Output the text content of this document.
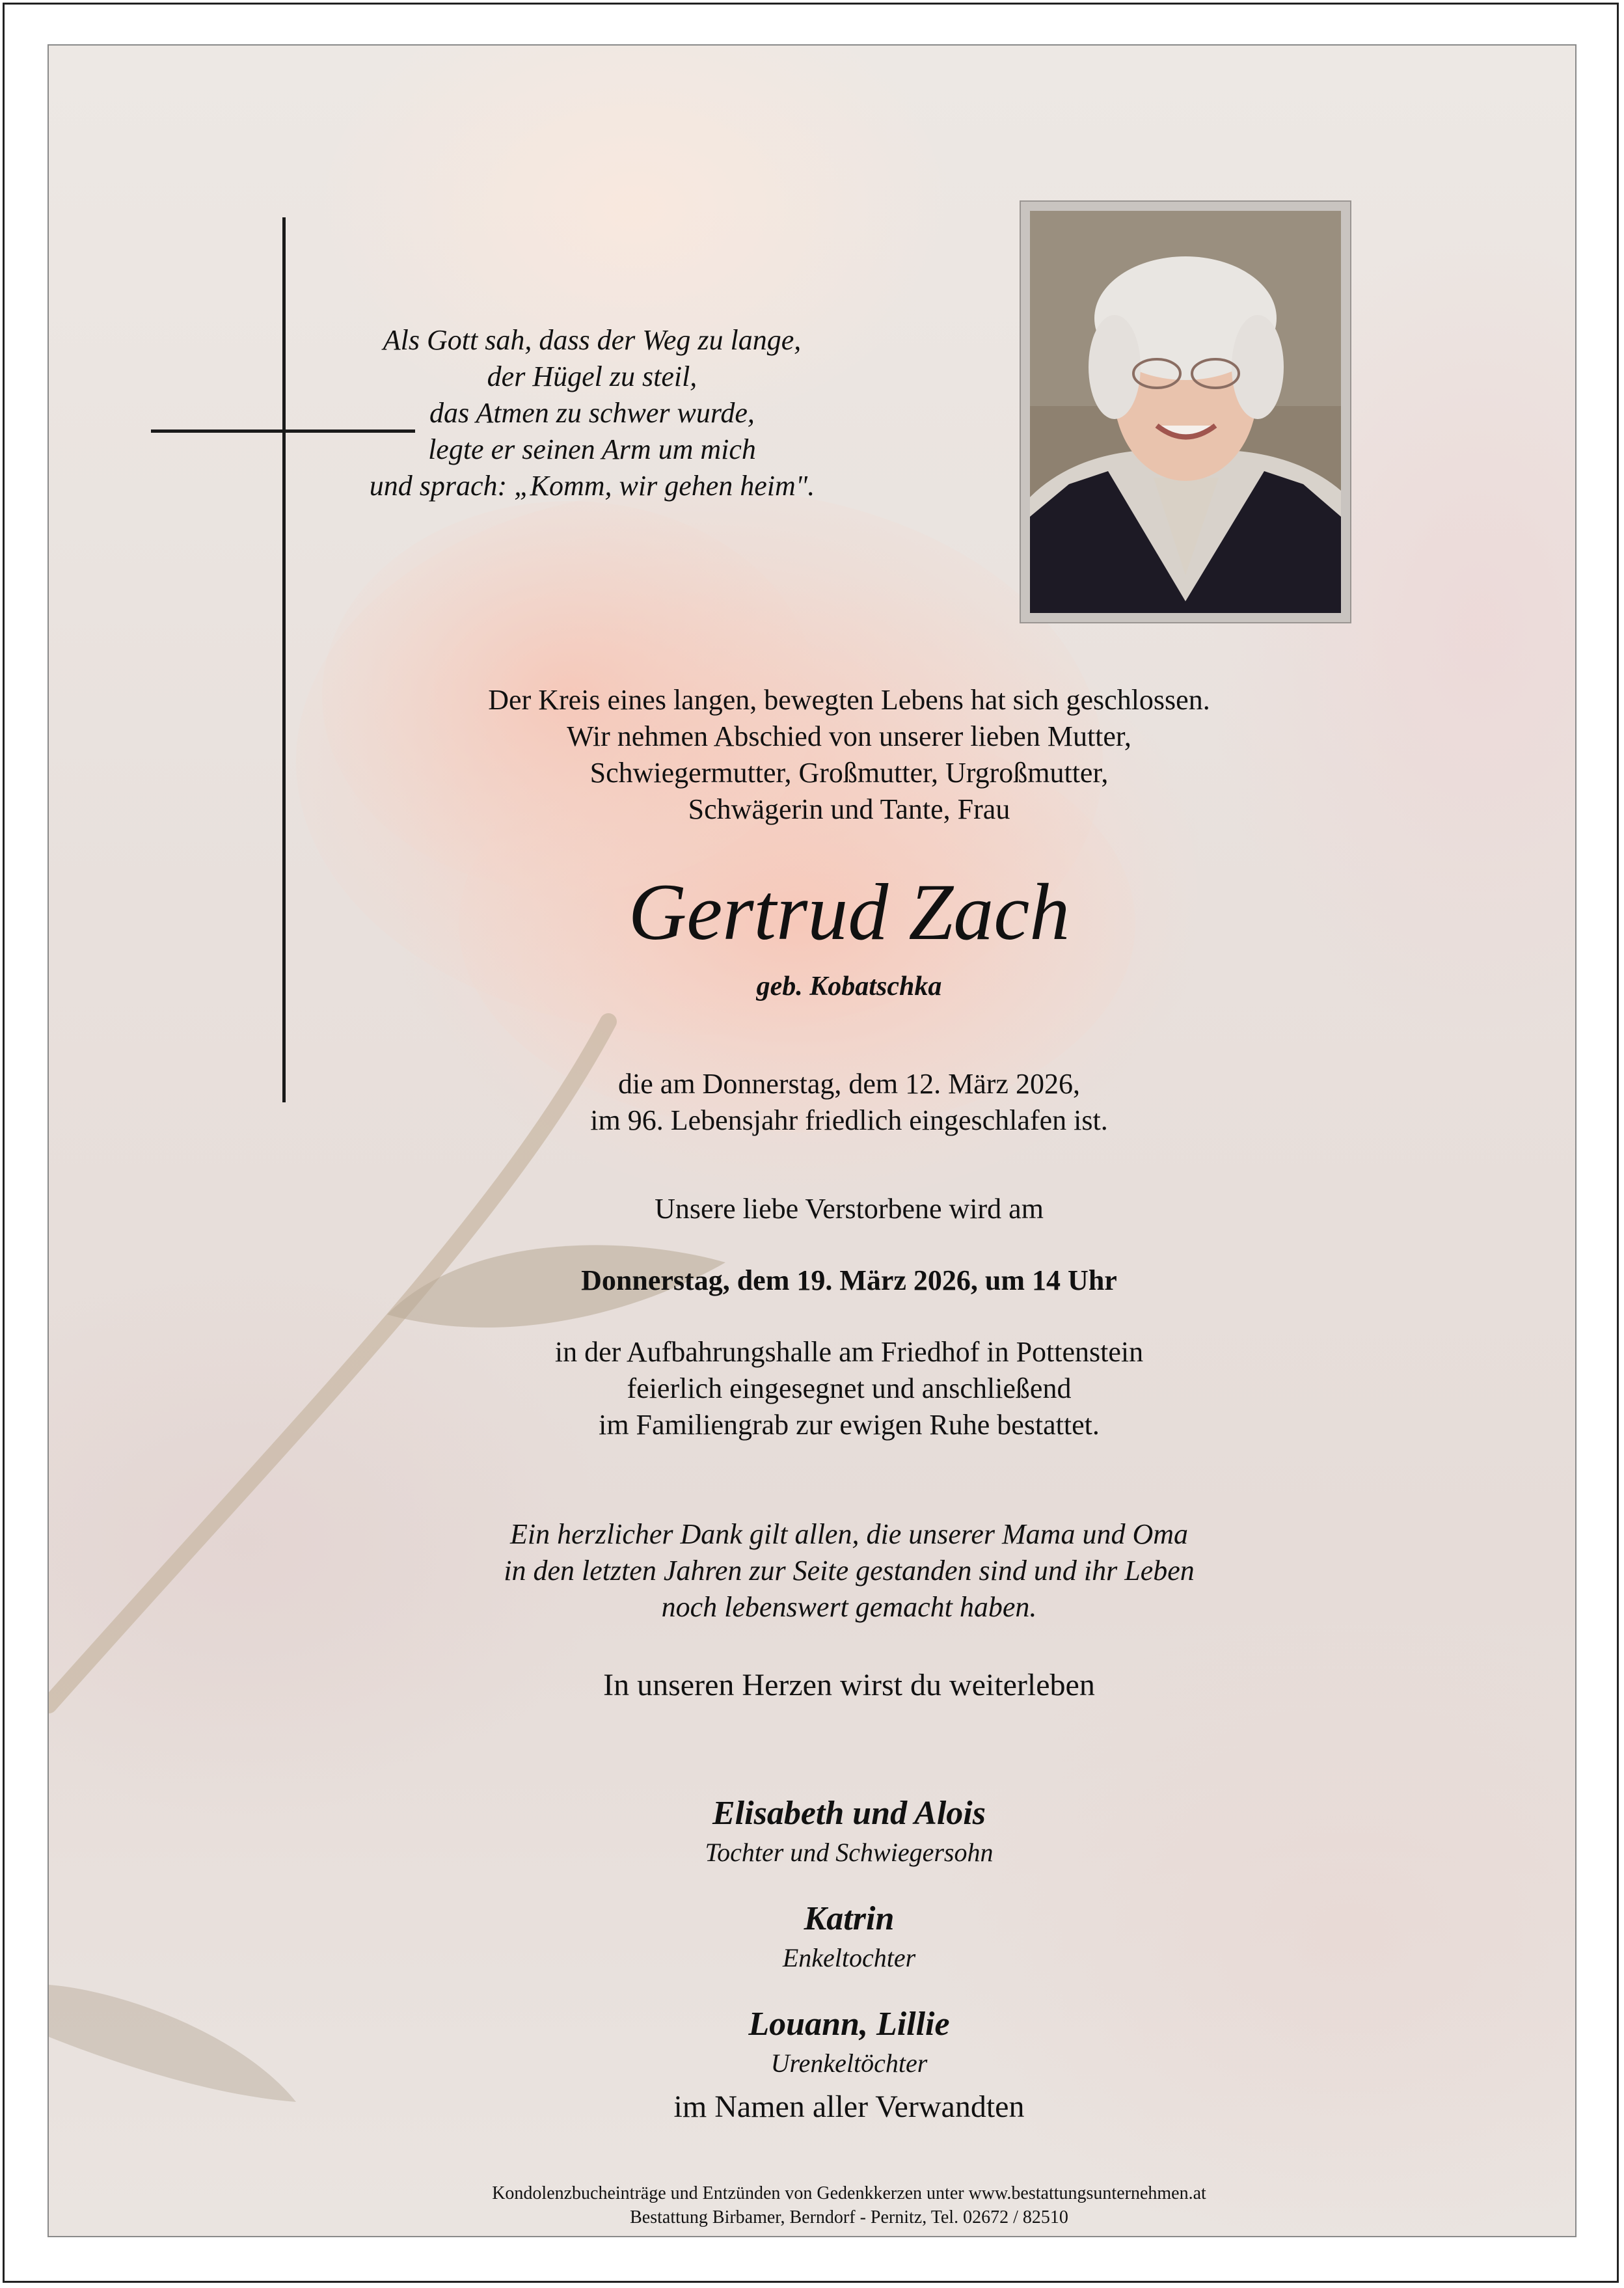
Als Gott sah, dass der Weg zu lange,
der Hügel zu steil,
das Atmen zu schwer wurde,
legte er seinen Arm um mich
und sprach: „Komm, wir gehen heim".

Der Kreis eines langen, bewegten Lebens hat sich geschlossen.
Wir nehmen Abschied von unserer lieben Mutter,
Schwiegermutter, Großmutter, Urgroßmutter,
Schwägerin und Tante, Frau

Gertrud Zach

geb. Kobatschka

die am Donnerstag, dem 12. März 2026,
im 96. Lebensjahr friedlich eingeschlafen ist.

Unsere liebe Verstorbene wird am

Donnerstag, dem 19. März 2026, um 14 Uhr

in der Aufbahrungshalle am Friedhof in Pottenstein
feierlich eingesegnet und anschließend
im Familiengrab zur ewigen Ruhe bestattet.

Ein herzlicher Dank gilt allen, die unserer Mama und Oma
in den letzten Jahren zur Seite gestanden sind und ihr Leben
noch lebenswert gemacht haben.

In unseren Herzen wirst du weiterleben

Elisabeth und Alois

Tochter und Schwiegersohn

Katrin

Enkeltochter

Louann, Lillie

Urenkeltöchter

im Namen aller Verwandten

Kondolenzbucheinträge und Entzünden von Gedenkkerzen unter www.bestattungsunternehmen.at

Bestattung Birbamer, Berndorf - Pernitz, Tel. 02672 / 82510
